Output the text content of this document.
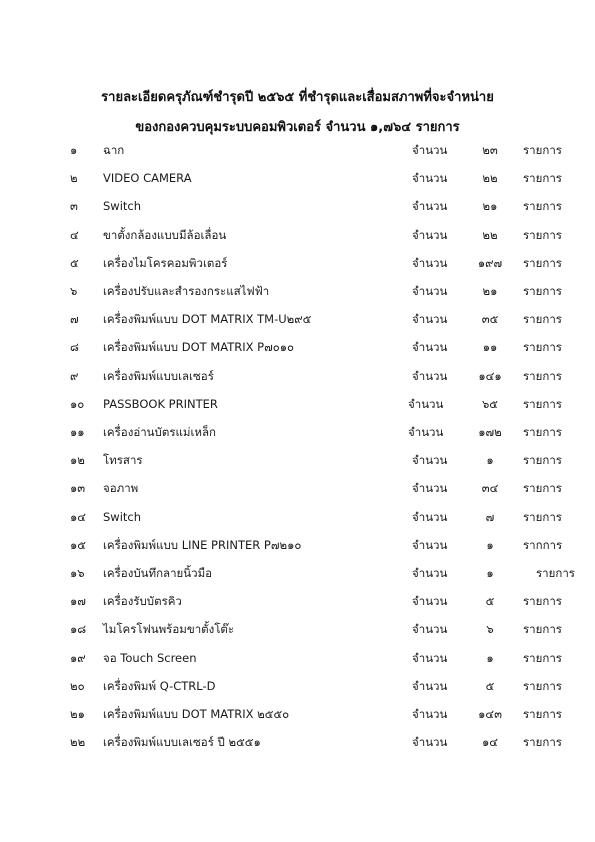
รายละเอียดครุภัณฑ์ชำรุดปี ๒๕๖๕ ที่ชำรุดและเสื่อมสภาพที่จะจำหน่าย
ของกองควบคุมระบบคอมพิวเตอร์ จำนวน ๑,๗๖๔ รายการ
๑ ฉาก	จำนวน	๒๓	รายการ
๒ VIDEO CAMERA	จำนวน	๒๒	รายการ
๓ Switch	จำนวน	๒๑	รายการ
๔ ขาตั้งกล้องแบบมีล้อเลื่อน	จำนวน	๒๒	รายการ
๕ เครื่องไมโครคอมพิวเตอร์	จำนวน	๑๙๗	รายการ
๖ เครื่องปรับและสำรองกระแสไฟฟ้า	จำนวน	๒๑	รายการ
๗ เครื่องพิมพ์แบบ DOT MATRIX TM-U๒๙๕	จำนวน	๓๕	รายการ
๘ เครื่องพิมพ์แบบ DOT MATRIX P๗๐๑๐	จำนวน	๑๑	รายการ
๙ เครื่องพิมพ์แบบเลเซอร์	จำนวน	๑๔๑	รายการ
๑๐ PASSBOOK PRINTER	จำนวน	๖๕	รายการ
๑๑ เครื่องอ่านบัตรแม่เหล็ก	จำนวน	๑๗๒	รายการ
๑๒ โทรสาร	จำนวน	๑	รายการ
๑๓ จอภาพ	จำนวน	๓๔	รายการ
๑๔ Switch	จำนวน	๗	รายการ
๑๕ เครื่องพิมพ์แบบ LINE PRINTER P๗๒๑๐	จำนวน	๑	รากการ
๑๖ เครื่องบันทึกลายนิ้วมือ	จำนวน	๑	รายการ
๑๗ เครื่องรับบัตรคิว	จำนวน	๕	รายการ
๑๘ ไมโครโฟนพร้อมขาตั้งโต๊ะ	จำนวน	๖	รายการ
๑๙ จอ Touch Screen	จำนวน	๑	รายการ
๒๐ เครื่องพิมพ์ Q-CTRL-D	จำนวน	๕	รายการ
๒๑ เครื่องพิมพ์แบบ DOT MATRIX ๒๕๕๐	จำนวน	๑๔๓	รายการ
๒๒ เครื่องพิมพ์แบบเลเซอร์ ปี ๒๕๕๑	จำนวน	๑๔	รายการ
